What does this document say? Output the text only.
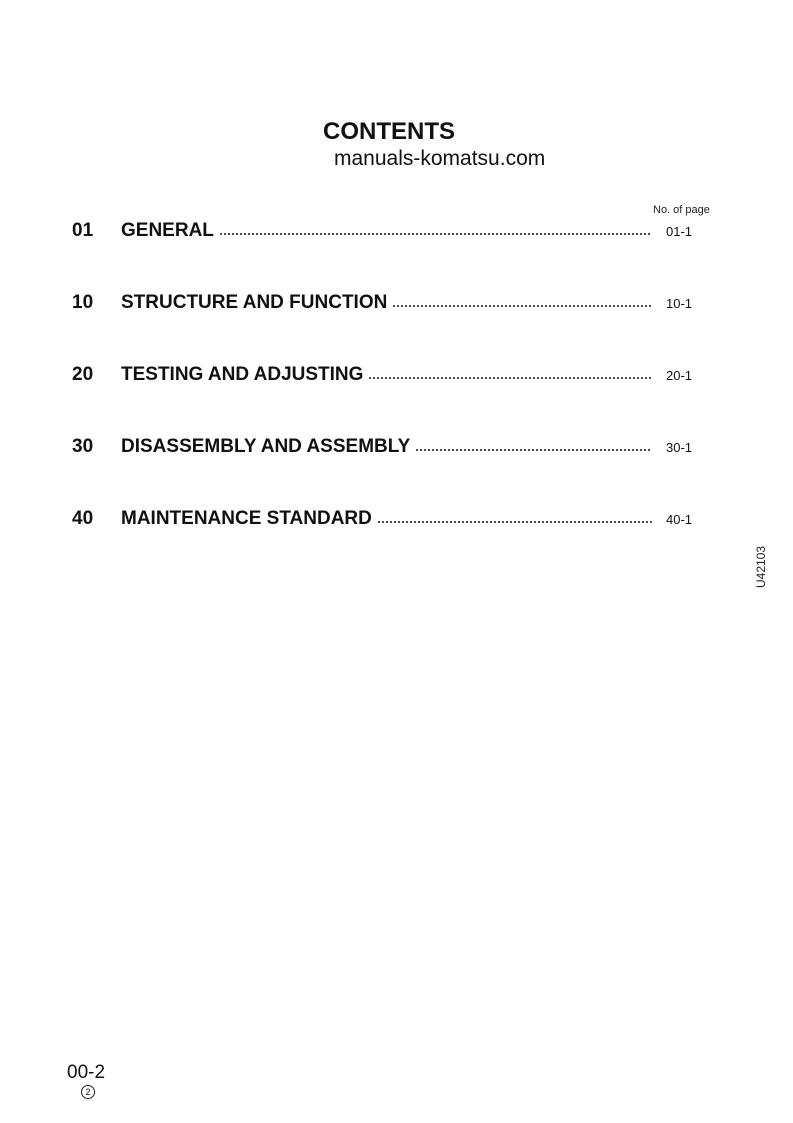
CONTENTS
manuals-komatsu.com
No. of page
01	GENERAL	01-1
10	STRUCTURE AND FUNCTION	10-1
20	TESTING AND ADJUSTING	20-1
30	DISASSEMBLY AND ASSEMBLY	30-1
40	MAINTENANCE STANDARD	40-1
U42103
00-2
2
